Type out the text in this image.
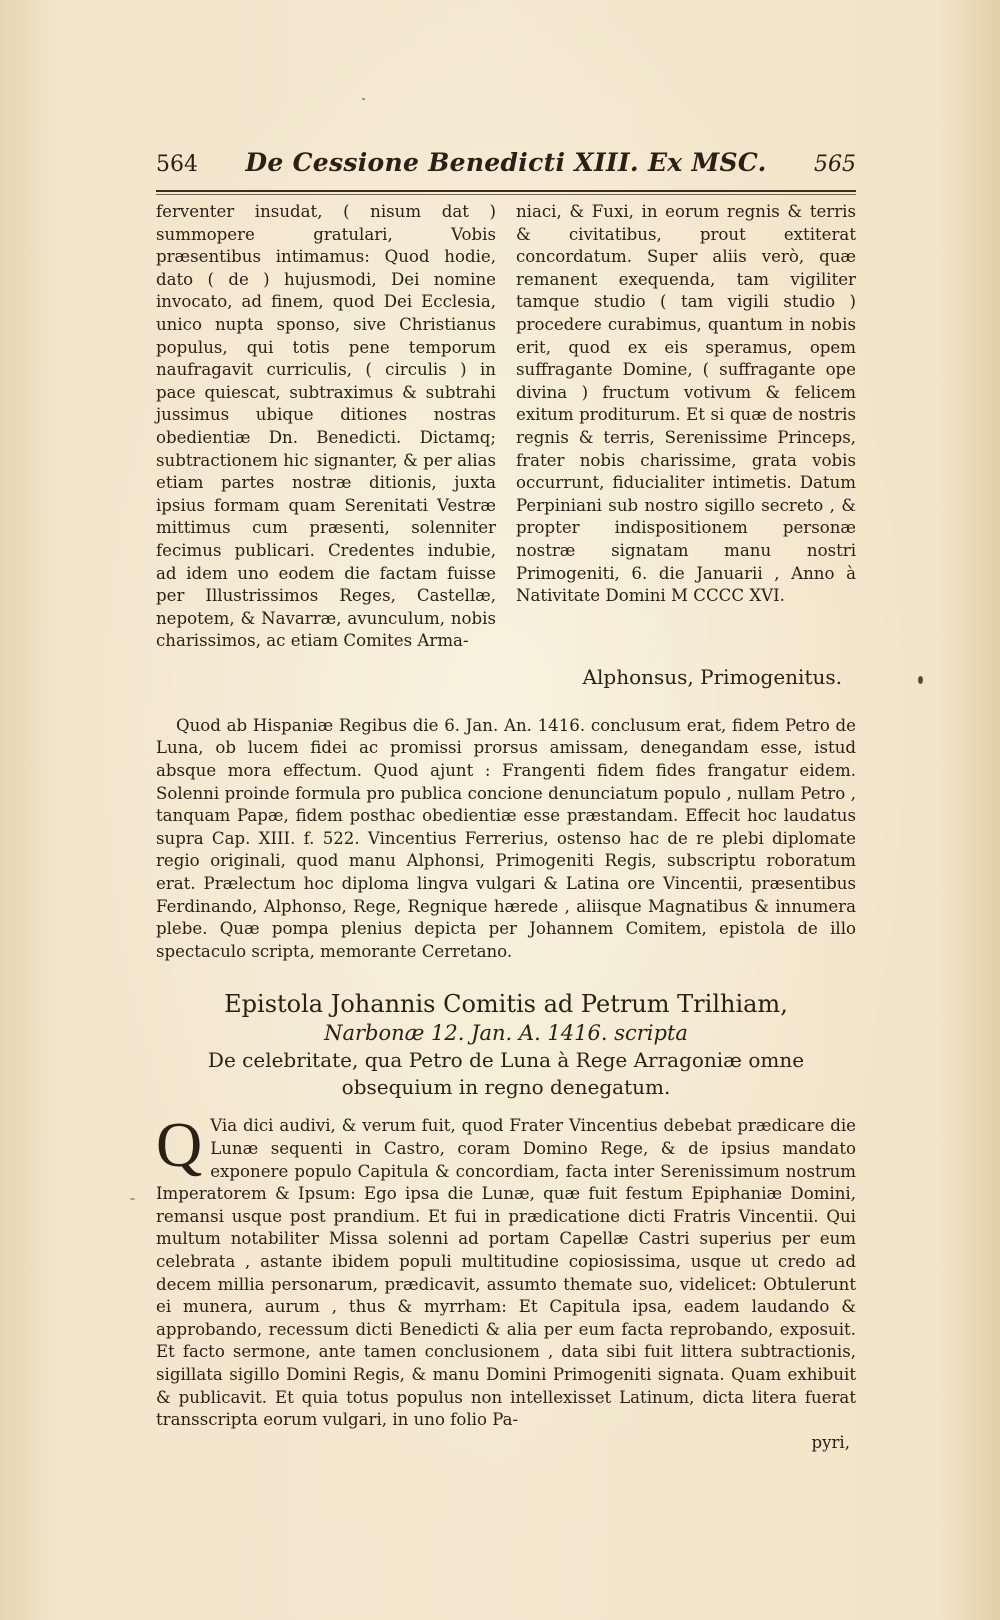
564	De Cessione Benedicti XIII. Ex MSC.	565

ferventer insudat, ( nisum dat ) summopere gratulari, Vobis præsentibus intimamus: Quod hodie, dato ( de ) hujusmodi, Dei nomine invocato, ad finem, quod Dei Ecclesia, unico nupta sponso, sive Christianus populus, qui totis pene temporum naufragavit curriculis, ( circulis ) in pace quiescat, subtraximus & subtrahi jussimus ubique ditiones nostras obedientiæ Dn. Benedicti. Dictamq; subtractionem hic signanter, & per alias etiam partes nostræ ditionis, juxta ipsius formam quam Serenitati Vestræ mittimus cum præsenti, solenniter fecimus publicari. Credentes indubie, ad idem uno eodem die factam fuisse per Illustrissimos Reges, Castellæ, nepotem, & Navarræ, avunculum, nobis charissimos, ac etiam Comites Arma-

niaci, & Fuxi, in eorum regnis & terris & civitatibus, prout extiterat concordatum. Super aliis verò, quæ remanent exequenda, tam vigiliter tamque studio ( tam vigili studio ) procedere curabimus, quantum in nobis erit, quod ex eis speramus, opem suffragante Domine, ( suffragante ope divina ) fructum votivum & felicem exitum proditurum. Et si quæ de nostris regnis & terris, Serenissime Princeps, frater nobis charissime, grata vobis occurrunt, fiducialiter intimetis. Datum Perpiniani sub nostro sigillo secreto , & propter indispositionem personæ nostræ signatam manu nostri Primogeniti, 6. die Januarii , Anno à Nativitate Domini M CCCC XVI.

Alphonsus, Primogenitus.

Quod ab Hispaniæ Regibus die 6. Jan. An. 1416. conclusum erat, fidem Petro de Luna, ob lucem fidei ac promissi prorsus amissam, denegandam esse, istud absque mora effectum. Quod ajunt : Frangenti fidem fides frangatur eidem. Solenni proinde formula pro publica concione denunciatum populo , nullam Petro , tanquam Papæ, fidem posthac obedientiæ esse præstandam. Effecit hoc laudatus supra Cap. XIII. f. 522. Vincentius Ferrerius, ostenso hac de re plebi diplomate regio originali, quod manu Alphonsi, Primogeniti Regis, subscriptu roboratum erat. Prælectum hoc diploma lingva vulgari & Latina ore Vincentii, præsentibus Ferdinando, Alphonso, Rege, Regnique hærede , aliisque Magnatibus & innumera plebe. Quæ pompa plenius depicta per Johannem Comitem, epistola de illo spectaculo scripta, memorante Cerretano.

Epistola Johannis Comitis ad Petrum Trilhiam,
Narbonæ 12. Jan. A. 1416. scripta
De celebritate, qua Petro de Luna à Rege Arragoniæ omne obsequium in regno denegatum.
Q Via dici audivi, & verum fuit, quod Frater Vincentius debebat prædicare die Lunæ sequenti in Castro, coram Domino Rege, & de ipsius mandato exponere populo Capitula & concordiam, facta inter Serenissimum nostrum Imperatorem & Ipsum: Ego ipsa die Lunæ, quæ fuit festum Epiphaniæ Domini, remansi usque post prandium. Et fui in prædicatione dicti Fratris Vincentii. Qui multum notabiliter Missa solenni ad portam Capellæ Castri superius per eum celebrata , astante ibidem populi multitudine copiosissima, usque ut credo ad decem millia personarum, prædicavit, assumto themate suo, videlicet: Obtulerunt ei munera, aurum , thus & myrrham: Et Capitula ipsa, eadem laudando & approbando, recessum dicti Benedicti & alia per eum facta reprobando, exposuit. Et facto sermone, ante tamen conclusionem , data sibi fuit littera subtractionis, sigillata sigillo Domini Regis, & manu Domini Primogeniti signata. Quam exhibuit & publicavit. Et quia totus populus non intellexisset Latinum, dicta litera fuerat transscripta eorum vulgari, in uno folio Pa-
pyri,
